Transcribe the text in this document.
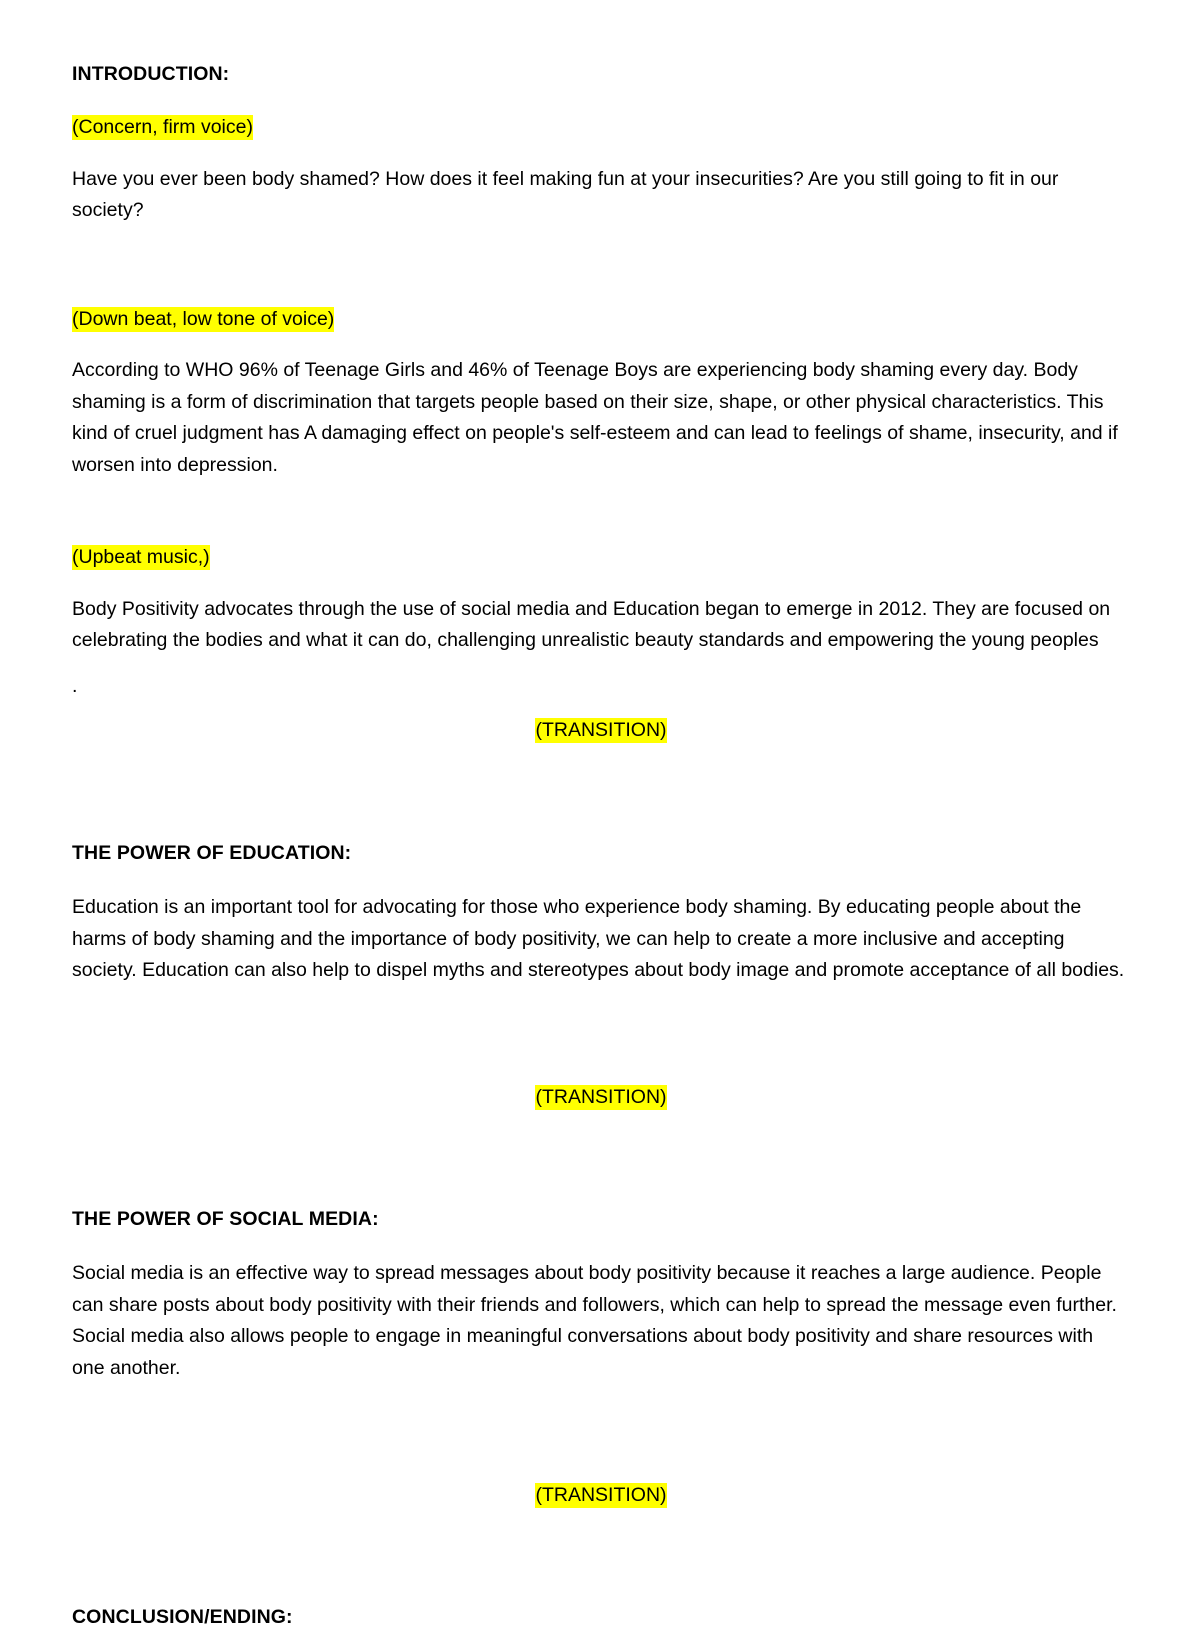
INTRODUCTION:
(Concern, firm voice)
Have you ever been body shamed? How does it feel making fun at your insecurities? Are you still going to fit in our society?
(Down beat, low tone of voice)
According to WHO 96% of Teenage Girls and 46% of Teenage Boys are experiencing body shaming every day. Body shaming is a form of discrimination that targets people based on their size, shape, or other physical characteristics. This kind of cruel judgment has A damaging effect on people's self-esteem and can lead to feelings of shame, insecurity, and if worsen into depression.
(Upbeat music,)
Body Positivity advocates through the use of social media and Education began to emerge in 2012. They are focused on celebrating the bodies and what it can do, challenging unrealistic beauty standards and empowering the young peoples
.
(TRANSITION)
THE POWER OF EDUCATION:
Education is an important tool for advocating for those who experience body shaming. By educating people about the harms of body shaming and the importance of body positivity, we can help to create a more inclusive and accepting society. Education can also help to dispel myths and stereotypes about body image and promote acceptance of all bodies.
(TRANSITION)
THE POWER OF SOCIAL MEDIA:
Social media is an effective way to spread messages about body positivity because it reaches a large audience. People can share posts about body positivity with their friends and followers, which can help to spread the message even further. Social media also allows people to engage in meaningful conversations about body positivity and share resources with one another.
(TRANSITION)
CONCLUSION/ENDING:
